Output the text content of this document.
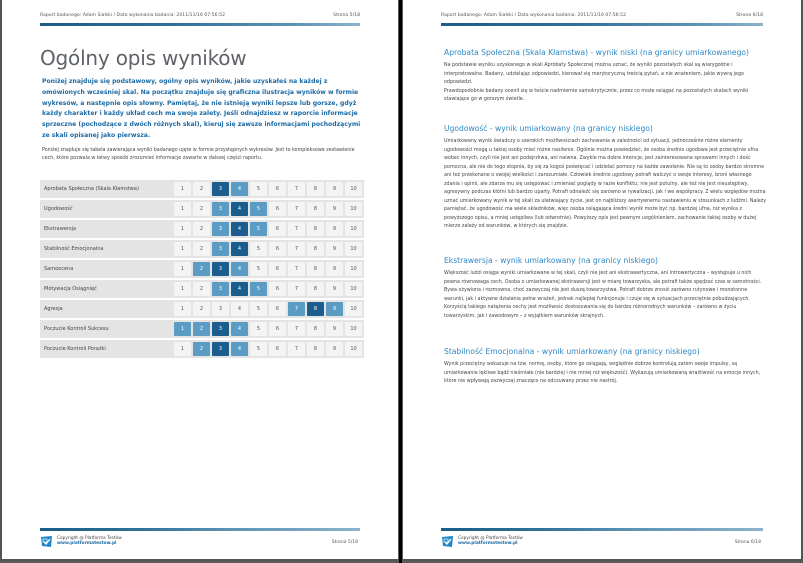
Raport badanego: Adam Siałski / Data wykonania badania: 2011/11/16 07:56:52	Strona 5/18
Ogólny opis wyników
Poniżej znajduje się podstawowy, ogólny opis wyników, jakie uzyskałeś na każdej z omówionych wcześniej skal. Na początku znajduje się graficzna ilustracja wyników w formie wykresów, a następnie opis słowny. Pamiętaj, że nie istnieją wyniki lepsze lub gorsze, gdyż każdy charakter i każdy układ cech ma swoje zalety. Jeśli odnajdziesz w raporcie informacje sprzeczne (pochodzące z dwóch różnych skal), kieruj się zawsze informacjami pochodzącymi ze skali opisanej jako pierwsza.
Poniżej znajduje się tabela zawierająca wyniki badanego ujęte w formie przystępnych wykresów. Jest to kompleksowe zestawienie cech, które pozwala w łatwy sposób zrozumieć informacje zawarte w dalszej części raportu.
Aprobata Społeczna (Skala Kłamstwa)	1	2	3	4	5	6	7	8	9	10
Ugodowość	1	2	3	4	5	6	7	8	9	10
Ekstrawersja	1	2	3	4	5	6	7	8	9	10
Stabilność Emocjonalna	1	2	3	4	5	6	7	8	9	10
Samoocena	1	2	3	4	5	6	7	8	9	10
Motywacja Osiągnięć	1	2	3	4	5	6	7	8	9	10
Agresja	1	2	3	4	5	6	7	8	9	10
Poczucie Kontroli Sukcesu	1	2	3	4	5	6	7	8	9	10
Poczucie Kontroli Porażki	1	2	3	4	5	6	7	8	9	10
Copyright @ Platforma Testów
www.platformatestow.pl	Strona 5/18
Raport badanego: Adam Siałski / Data wykonania badania: 2011/11/16 07:56:52	Strona 6/18
Aprobata Społeczna (Skala Kłamstwa) - wynik niski (na granicy umiarkowanego)

Na podstawie wyniku uzyskanego w skali Aprobaty Społecznej można uznać, że wyniki pozostałych skal są wiarygodne i interpretowalne. Badany, udzielając odpowiedzi, kierował się merytoryczną treścią pytań, a nie wrażeniem, jakie wywrą jego odpowiedzi.
Prawdopodobnie badany ocenił się w teście nadmiernie samokrytycznie, przez co może osiągać na pozostałych skalach wyniki stawiające go w gorszym świetle.

Ugodowość - wynik umiarkowany (na granicy niskiego)

Umiarkowany wynik świadczy o szerokich możliwościach zachowania w zależności od sytuacji, jednocześnie różne elementy ugodowości mogą u takiej osoby mieć różne nasilenie. Ogólnie można powiedzieć, że osoba średnio ugodowa jest przeciętnie ufna wobec innych, czyli nie jest ani podejrzliwa, ani naiwna. Zwykle ma dobre intencje, jest zainteresowana sprawami innych i dość pomocna, ale nie do tego stopnia, by się za kogoś poświęcać i udzielać pomocy na każde zawołanie. Nie są to osoby bardzo skromne ani też przekonane o swojej wielkości i zarozumiałe. Człowiek średnio ugodowy potrafi walczyć o swoje interesy, broni własnego zdania i opinii, ale zdarza mu się ustępować i zmieniać poglądy w razie konfliktu; nie jest potulny, ale też nie jest nieustępliwy, agresywny podczas kłótni lub bardzo uparty. Potrafi odnaleźć się zarówno w rywalizacji, jak i we współpracy. Z wielu względów można uznać umiarkowany wynik w tej skali za ułatwiający życie, jest on najbliższy asertywnemu nastawieniu w stosunkach z ludźmi. Należy pamiętać, że ugodowość ma wiele składników, więc osoba osiągająca średni wynik może być np. bardziej ufna, niż wynika z powyższego opisu, a mniej ustępliwa (lub odwrotnie). Powyższy opis jest pewnym uogólnieniem, zachowanie takiej osoby w dużej mierze zależy od warunków, w których się znajdzie.

Ekstrawersja - wynik umiarkowany (na granicy niskiego)

Większość ludzi osiąga wyniki umiarkowane w tej skali, czyli nie jest ani ekstrawertyczna, ani introwertyczna – występuje u nich pewna równowaga cech. Osoba o umiarkowanej ekstrawersji jest w miarę towarzyska, ale potrafi także spędzać czas w samotności. Bywa ożywiona i rozmowna, choć zazwyczaj nie jest duszą towarzystwa. Potrafi dobrze znosić zarówno rutynowe i monotonne warunki, jak i aktywne działania pełne wrażeń, jednak najlepiej funkcjonuje i czuje się w sytuacjach przeciętnie pobudzających. Korzyścią takiego natężenia cechy jest możliwość dostosowania się do bardzo różnorodnych warunków – zarówno w życiu towarzyskim, jak i zawodowym – z wyjątkiem warunków skrajnych.

Stabilność Emocjonalna - wynik umiarkowany (na granicy niskiego)

Wynik przeciętny wskazuje na tzw. normę, osoby, które go osiągają, względnie dobrze kontrolują zatem swoje impulsy, są umiarkowanie lękliwe bądź nieśmiałe (nie bardziej i nie mniej niż większość). Wykazują umiarkowaną wrażliwość na emocje innych, które nie wpływają zazwyczaj znacząco na odczuwany przez nie nastrój.

Copyright @ Platforma Testów
www.platformatestow.pl	Strona 6/18
